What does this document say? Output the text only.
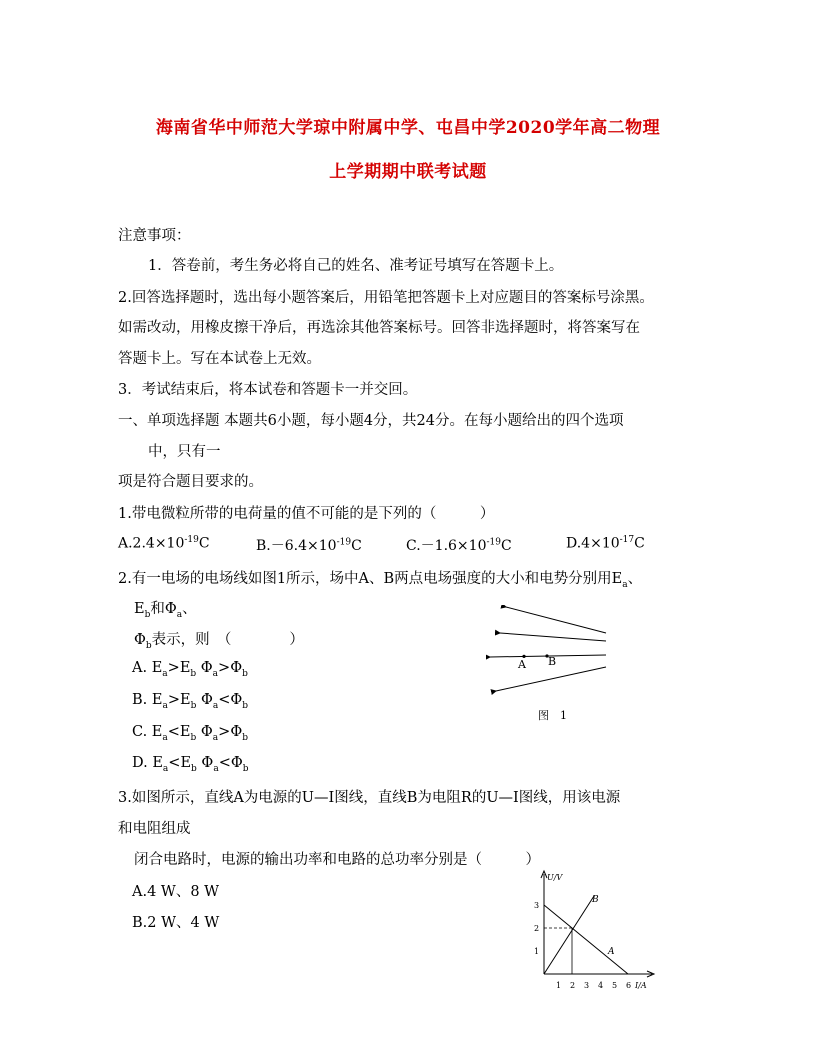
海南省华中师范大学琼中附属中学、屯昌中学2020学年高二物理
上学期期中联考试题
注意事项：
1．答卷前，考生务必将自己的姓名、准考证号填写在答题卡上。
2.回答选择题时，选出每小题答案后，用铅笔把答题卡上对应题目的答案标号涂黑。
如需改动，用橡皮擦干净后，再选涂其他答案标号。回答非选择题时，将答案写在
答题卡上。写在本试卷上无效。
3．考试结束后，将本试卷和答题卡一并交回。
一、单项选择题 本题共6小题，每小题4分，共24分。在每小题给出的四个选项
中，只有一
项是符合题目要求的。
1.带电微粒所带的电荷量的值不可能的是下列的（　　　）
$A.2.4\times 10^{-19}C$	$B.-6.4\times 10^{-19}C$	$C.-1.6\times 10^{-19}C$	$D.4\times 10^{-17}C$
2.有一电场的电场线如图1所示，场中A、B两点电场强度的大小和电势分别用$E_a$、
$E_b$和$\Phi_a$、
$\Phi_b$表示，则　（　　　　）
A. $E_a>E_b$ $\Phi_a>\Phi_b$
B. $E_a>E_b$ $\Phi_a<\Phi_b$
C. $E_a<E_b$ $\Phi_a>\Phi_b$
D. $E_a<E_b$ $\Phi_a<\Phi_b$
A B
图　1
3.如图所示，直线A为电源的U—I图线，直线B为电阻R的U—I图线，用该电源
和电阻组成
闭合电路时，电源的输出功率和电路的总功率分别是（　　　）
A.4 W、8 W
B.2 W、4 W
U/V
I/A
1
2
3
1 2 3 4 5 6
A
B
